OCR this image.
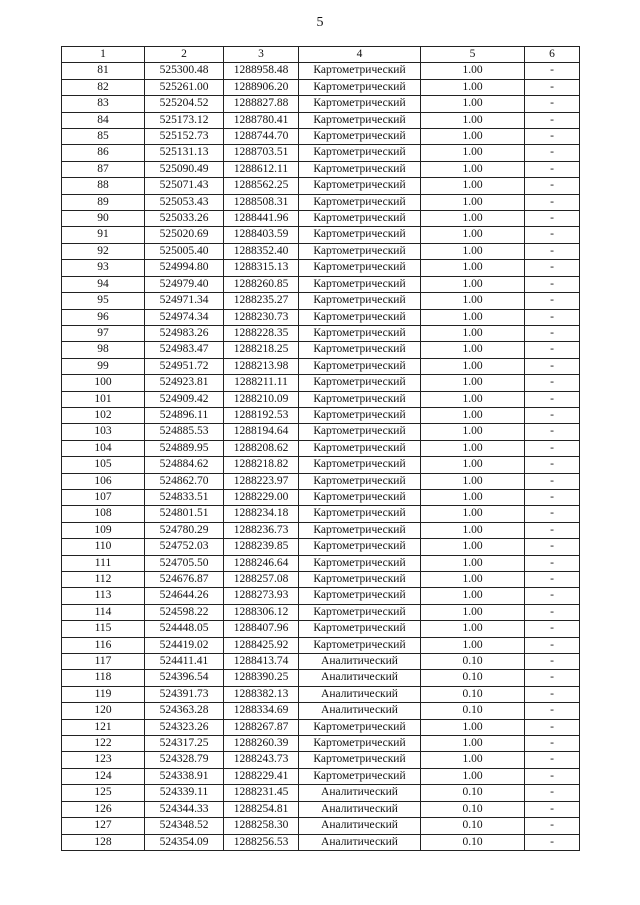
5
1	2	3	4	5	6
81	525300.48	1288958.48	Картометрический	1.00	-
82	525261.00	1288906.20	Картометрический	1.00	-
83	525204.52	1288827.88	Картометрический	1.00	-
84	525173.12	1288780.41	Картометрический	1.00	-
85	525152.73	1288744.70	Картометрический	1.00	-
86	525131.13	1288703.51	Картометрический	1.00	-
87	525090.49	1288612.11	Картометрический	1.00	-
88	525071.43	1288562.25	Картометрический	1.00	-
89	525053.43	1288508.31	Картометрический	1.00	-
90	525033.26	1288441.96	Картометрический	1.00	-
91	525020.69	1288403.59	Картометрический	1.00	-
92	525005.40	1288352.40	Картометрический	1.00	-
93	524994.80	1288315.13	Картометрический	1.00	-
94	524979.40	1288260.85	Картометрический	1.00	-
95	524971.34	1288235.27	Картометрический	1.00	-
96	524974.34	1288230.73	Картометрический	1.00	-
97	524983.26	1288228.35	Картометрический	1.00	-
98	524983.47	1288218.25	Картометрический	1.00	-
99	524951.72	1288213.98	Картометрический	1.00	-
100	524923.81	1288211.11	Картометрический	1.00	-
101	524909.42	1288210.09	Картометрический	1.00	-
102	524896.11	1288192.53	Картометрический	1.00	-
103	524885.53	1288194.64	Картометрический	1.00	-
104	524889.95	1288208.62	Картометрический	1.00	-
105	524884.62	1288218.82	Картометрический	1.00	-
106	524862.70	1288223.97	Картометрический	1.00	-
107	524833.51	1288229.00	Картометрический	1.00	-
108	524801.51	1288234.18	Картометрический	1.00	-
109	524780.29	1288236.73	Картометрический	1.00	-
110	524752.03	1288239.85	Картометрический	1.00	-
111	524705.50	1288246.64	Картометрический	1.00	-
112	524676.87	1288257.08	Картометрический	1.00	-
113	524644.26	1288273.93	Картометрический	1.00	-
114	524598.22	1288306.12	Картометрический	1.00	-
115	524448.05	1288407.96	Картометрический	1.00	-
116	524419.02	1288425.92	Картометрический	1.00	-
117	524411.41	1288413.74	Аналитический	0.10	-
118	524396.54	1288390.25	Аналитический	0.10	-
119	524391.73	1288382.13	Аналитический	0.10	-
120	524363.28	1288334.69	Аналитический	0.10	-
121	524323.26	1288267.87	Картометрический	1.00	-
122	524317.25	1288260.39	Картометрический	1.00	-
123	524328.79	1288243.73	Картометрический	1.00	-
124	524338.91	1288229.41	Картометрический	1.00	-
125	524339.11	1288231.45	Аналитический	0.10	-
126	524344.33	1288254.81	Аналитический	0.10	-
127	524348.52	1288258.30	Аналитический	0.10	-
128	524354.09	1288256.53	Аналитический	0.10	-
